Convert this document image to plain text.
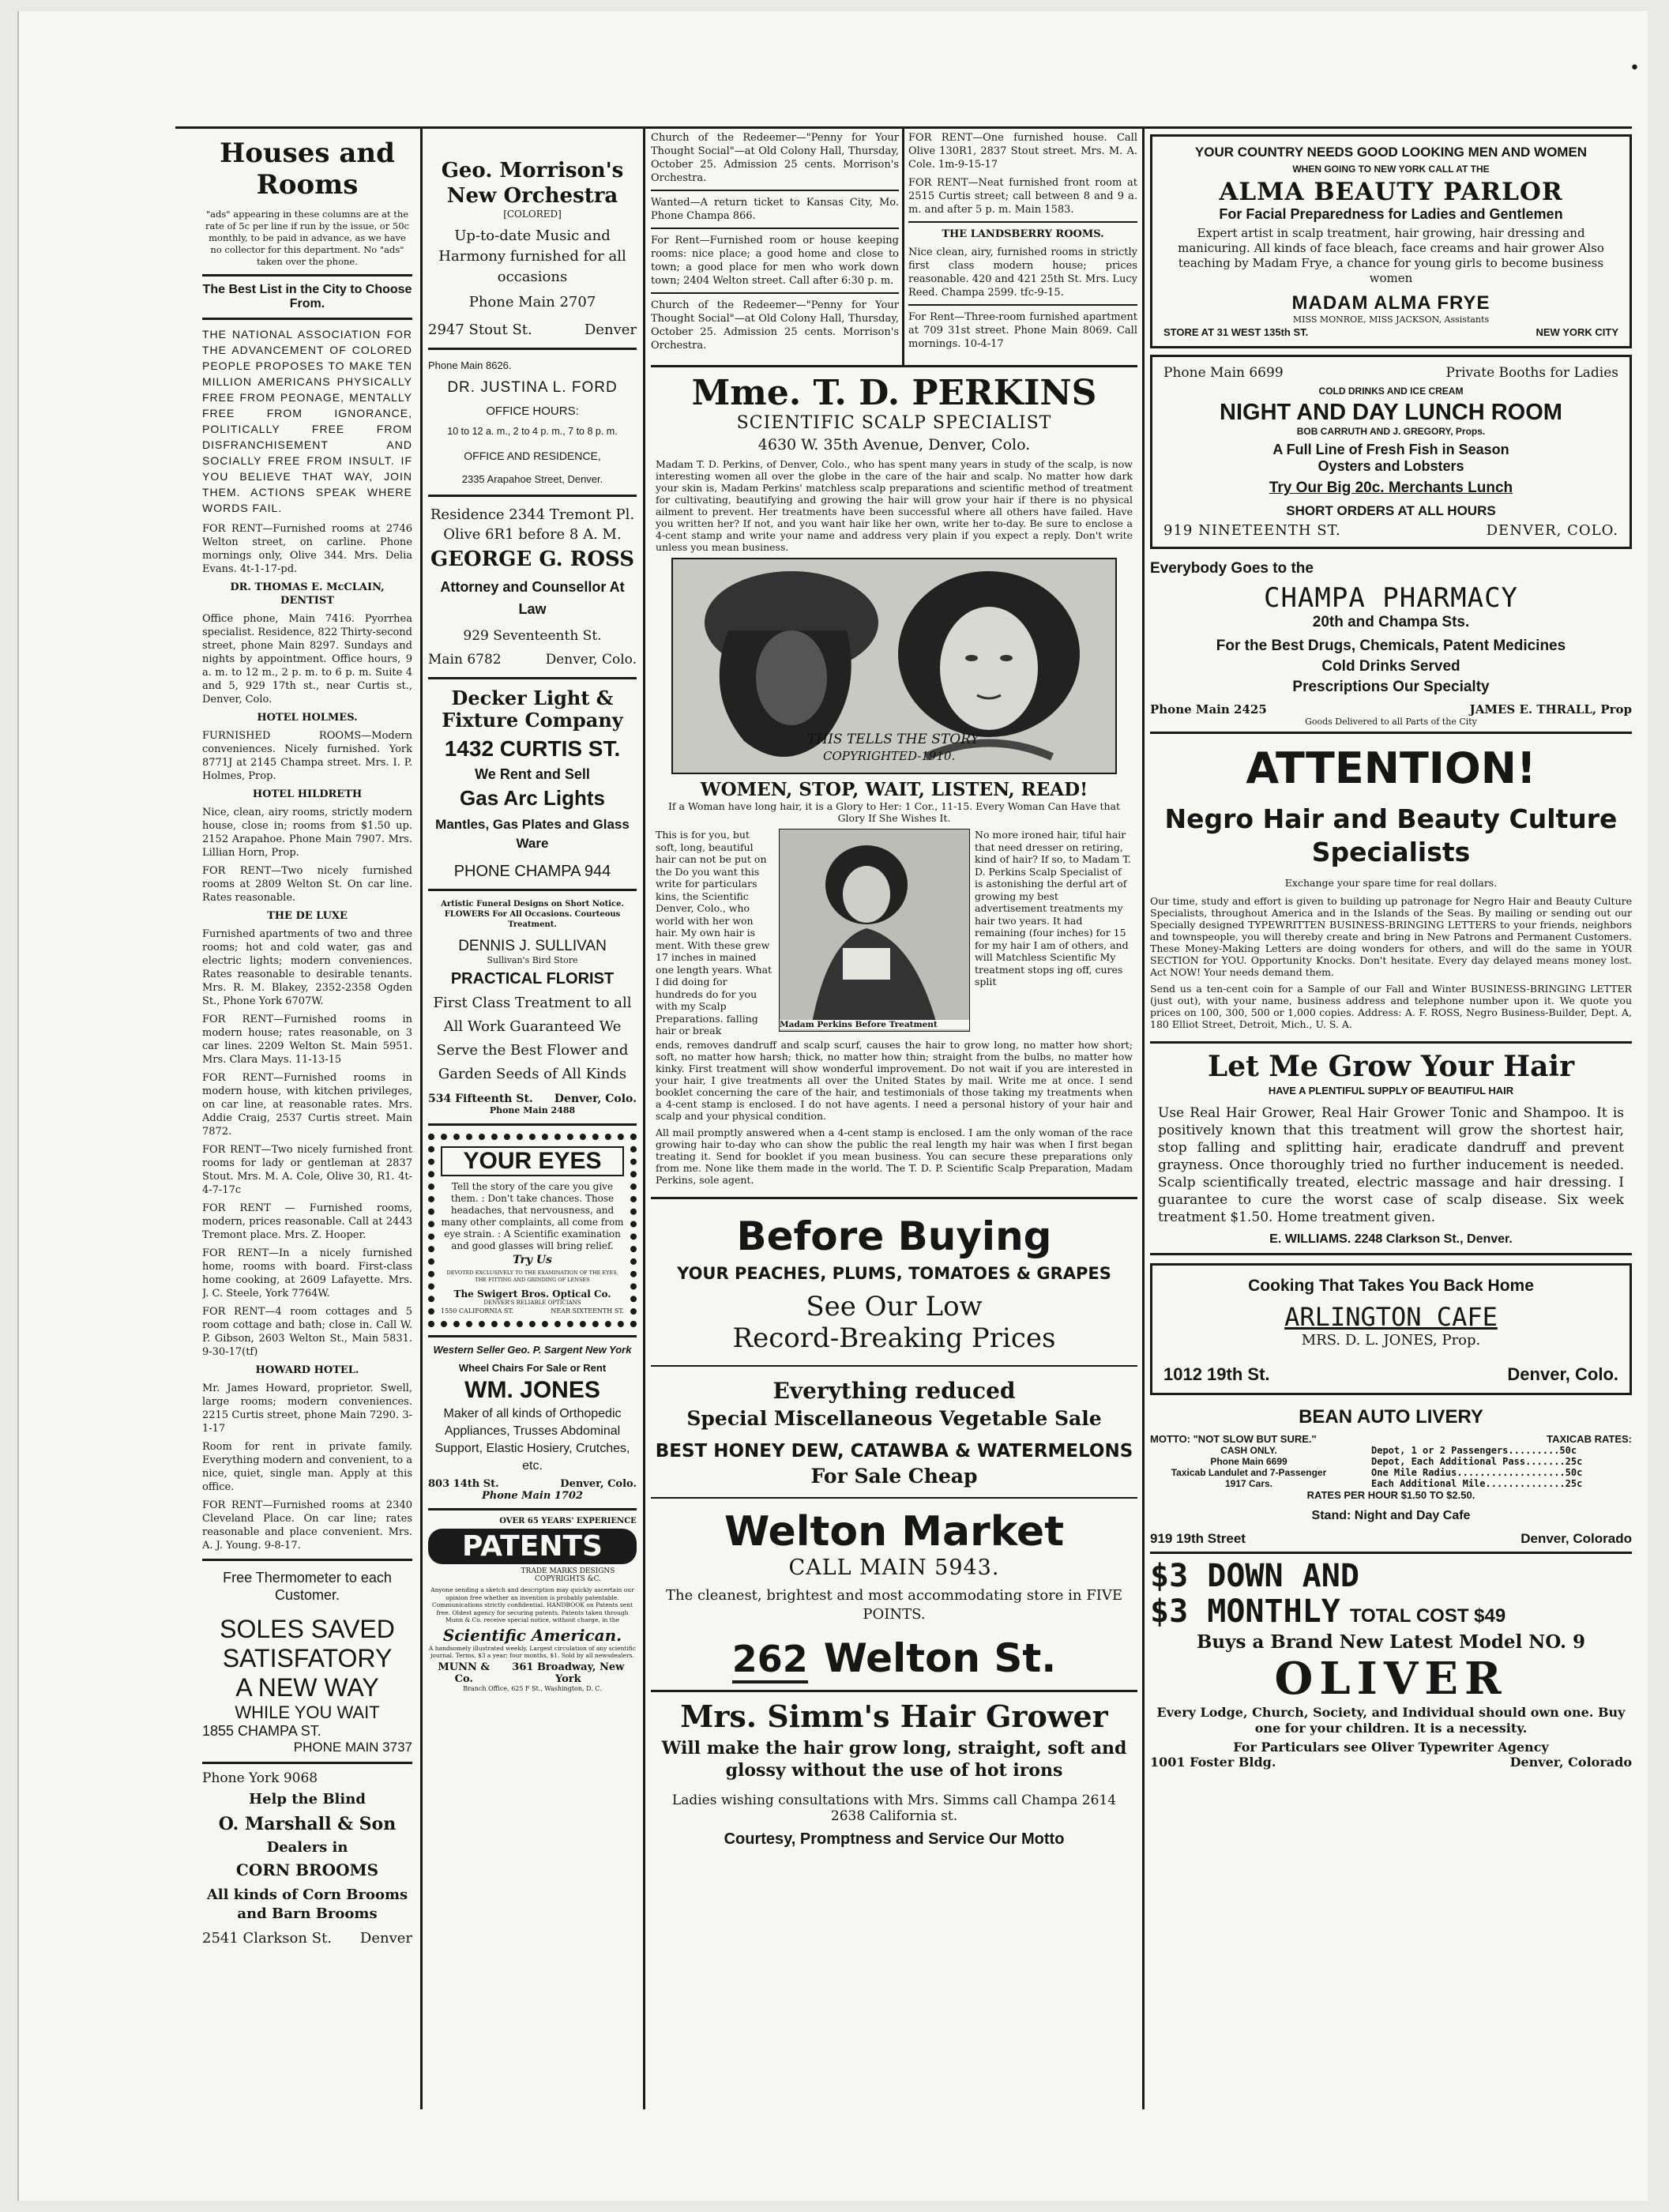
•
Houses and Rooms

"ads" appearing in these columns are at the rate of 5c per line if run by the issue, or 50c monthly, to be paid in advance, as we have no collector for this department. No "ads" taken over the phone.

The Best List in the City to Choose From.

THE NATIONAL ASSOCIATION FOR THE ADVANCEMENT OF COLORED PEOPLE PROPOSES TO MAKE TEN MILLION AMERICANS PHYSICALLY FREE FROM PEONAGE, MENTALLY FREE FROM IGNORANCE, POLITICALLY FREE FROM DISFRANCHISEMENT AND SOCIALLY FREE FROM INSULT. IF YOU BELIEVE THAT WAY, JOIN THEM. ACTIONS SPEAK WHERE WORDS FAIL.

FOR RENT—Furnished rooms at 2746 Welton street, on carline. Phone mornings only, Olive 344. Mrs. Delia Evans. 4t-1-17-pd.

DR. THOMAS E. McCLAIN, DENTIST

Office phone, Main 7416. Pyorrhea specialist. Residence, 822 Thirty-second street, phone Main 8297. Sundays and nights by appointment. Office hours, 9 a. m. to 12 m., 2 p. m. to 6 p. m. Suite 4 and 5, 929 17th st., near Curtis st., Denver, Colo.

HOTEL HOLMES.

FURNISHED ROOMS—Modern conveniences. Nicely furnished. York 8771J at 2145 Champa street. Mrs. I. P. Holmes, Prop.

HOTEL HILDRETH

Nice, clean, airy rooms, strictly modern house, close in; rooms from $1.50 up. 2152 Arapahoe. Phone Main 7907. Mrs. Lillian Horn, Prop.

FOR RENT—Two nicely furnished rooms at 2809 Welton St. On car line. Rates reasonable.

THE DE LUXE

Furnished apartments of two and three rooms; hot and cold water, gas and electric lights; modern conveniences. Rates reasonable to desirable tenants. Mrs. R. M. Blakey, 2352-2358 Ogden St., Phone York 6707W.

FOR RENT—Furnished rooms in modern house; rates reasonable, on 3 car lines. 2209 Welton St. Main 5951. Mrs. Clara Mays. 11-13-15

FOR RENT—Furnished rooms in modern house, with kitchen privileges, on car line, at reasonable rates. Mrs. Addie Craig, 2537 Curtis street. Main 7872.

FOR RENT—Two nicely furnished front rooms for lady or gentleman at 2837 Stout. Mrs. M. A. Cole, Olive 30, R1. 4t-4-7-17c

FOR RENT — Furnished rooms, modern, prices reasonable. Call at 2443 Tremont place. Mrs. Z. Hooper.

FOR RENT—In a nicely furnished home, rooms with board. First-class home cooking, at 2609 Lafayette. Mrs. J. C. Steele, York 7764W.

FOR RENT—4 room cottages and 5 room cottage and bath; close in. Call W. P. Gibson, 2603 Welton St., Main 5831. 9-30-17(tf)

HOWARD HOTEL.

Mr. James Howard, proprietor. Swell, large rooms; modern conveniences. 2215 Curtis street, phone Main 7290. 3-1-17

Room for rent in private family. Everything modern and convenient, to a nice, quiet, single man. Apply at this office.

FOR RENT—Furnished rooms at 2340 Cleveland Place. On car line; rates reasonable and place convenient. Mrs. A. J. Young. 9-8-17.

Free Thermometer to each Customer.
SOLES SAVED
SATISFATORY
A NEW WAY
WHILE YOU WAIT
1855 CHAMPA ST.
PHONE MAIN 3737
Phone York 9068
Help the Blind
O. Marshall & Son
Dealers in
CORN BROOMS
All kinds of Corn Brooms and Barn Brooms
2541 Clarkson St. Denver
Geo. Morrison's New Orchestra
[COLORED]
Up-to-date Music and Harmony furnished for all occasions
Phone Main 2707
2947 Stout St.	Denver
Phone Main 8626.
DR. JUSTINA L. FORD
OFFICE HOURS:
10 to 12 a. m., 2 to 4 p. m., 7 to 8 p. m.
OFFICE AND RESIDENCE,
2335 Arapahoe Street, Denver.
Residence 2344 Tremont Pl.
Olive 6R1 before 8 A. M.
GEORGE G. ROSS
Attorney and Counsellor At Law
929 Seventeenth St.
Main 6782	Denver, Colo.
Decker Light & Fixture Company
1432 CURTIS ST.
We Rent and Sell
Gas Arc Lights
Mantles, Gas Plates and Glass Ware
PHONE CHAMPA 944
Artistic Funeral Designs on Short Notice. FLOWERS For All Occasions. Courteous Treatment.
DENNIS J. SULLIVAN
Sullivan's Bird Store
PRACTICAL FLORIST
First Class Treatment to all All Work Guaranteed We Serve the Best Flower and Garden Seeds of All Kinds
534 Fifteenth St. Denver, Colo.
Phone Main 2488
YOUR EYES
Tell the story of the care you give them. : Don't take chances. Those headaches, that nervousness, and many other complaints, all come from eye strain. : A Scientific examination and good glasses will bring relief.
Try Us
DEVOTED EXCLUSIVELY TO THE EXAMINATION OF THE EYES, THE FITTING AND GRINDING OF LENSES
The Swigert Bros. Optical Co.
DENVER'S RELIABLE OPTICIANS
1550 CALIFORNIA ST.	NEAR SIXTEENTH ST.
Western Seller Geo. P. Sargent New York
Wheel Chairs For Sale or Rent
WM. JONES
Maker of all kinds of Orthopedic Appliances, Trusses Abdominal Support, Elastic Hosiery, Crutches, etc.
803 14th St.	Denver, Colo.
Phone Main 1702
OVER 65 YEARS' EXPERIENCE
PATENTS
TRADE MARKS DESIGNS COPYRIGHTS &C.
Anyone sending a sketch and description may quickly ascertain our opinion free whether an invention is probably patentable. Communications strictly confidential. HANDBOOK on Patents sent free. Oldest agency for securing patents. Patents taken through Munn & Co. receive special notice, without charge, in the
Scientific American.
A handsomely illustrated weekly. Largest circulation of any scientific journal. Terms, $3 a year; four months, $1. Sold by all newsdealers.
MUNN & Co.
361 Broadway, New York
Branch Office, 625 F St., Washington, D. C.

Church of the Redeemer—"Penny for Your Thought Social"—at Old Colony Hall, Thursday, October 25. Admission 25 cents. Morrison's Orchestra.

Wanted—A return ticket to Kansas City, Mo. Phone Champa 866.

For Rent—Furnished room or house keeping rooms: nice place; a good home and close to town; a good place for men who work down town; 2404 Welton street. Call after 6:30 p. m.

Church of the Redeemer—"Penny for Your Thought Social"—at Old Colony Hall, Thursday, October 25. Admission 25 cents. Morrison's Orchestra.

FOR RENT—One furnished house. Call Olive 130R1, 2837 Stout street. Mrs. M. A. Cole. 1m-9-15-17

FOR RENT—Neat furnished front room at 2515 Curtis street; call between 8 and 9 a. m. and after 5 p. m. Main 1583.

THE LANDSBERRY ROOMS.

Nice clean, airy, furnished rooms in strictly first class modern house; prices reasonable. 420 and 421 25th St. Mrs. Lucy Reed. Champa 2599. tfc-9-15.

For Rent—Three-room furnished apartment at 709 31st street. Phone Main 8069. Call mornings. 10-4-17

Mme. T. D. PERKINS
SCIENTIFIC SCALP SPECIALIST
4630 W. 35th Avenue, Denver, Colo.

Madam T. D. Perkins, of Denver, Colo., who has spent many years in study of the scalp, is now interesting women all over the globe in the care of the hair and scalp. No matter how dark your skin is, Madam Perkins' matchless scalp preparations and scientific method of treatment for cultivating, beautifying and growing the hair will grow your hair if there is no physical ailment to prevent. Her treatments have been successful where all others have failed. Have you written her? If not, and you want hair like her own, write her to-day. Be sure to enclose a 4-cent stamp and write your name and address very plain if you expect a reply. Don't write unless you mean business.

THIS TELLS THE STORY
COPYRIGHTED-1910.
WOMEN, STOP, WAIT, LISTEN, READ!
If a Woman have long hair, it is a Glory to Her: 1 Cor., 11-15. Every Woman Can Have that Glory If She Wishes It.
This is for you, but soft, long, beautiful hair can not be put on the Do you want this write for particulars kins, the Scientific Denver, Colo., who world with her won hair. My own hair is ment. With these grew 17 inches in mained one length years. What I did doing for hundreds do for you with my Scalp Preparations. falling hair or break	Madam Perkins Before Treatment
No more ironed hair, tiful hair that need dresser on retiring, kind of hair? If so, to Madam T. D. Perkins Scalp Specialist of is astonishing the derful art of growing my best advertisement treatments my hair two years. It had remaining (four inches) for 15 for my hair I am of others, and will Matchless Scientific My treatment stops ing off, cures split

ends, removes dandruff and scalp scurf, causes the hair to grow long, no matter how short; soft, no matter how harsh; thick, no matter how thin; straight from the bulbs, no matter how kinky. First treatment will show wonderful improvement. Do not wait if you are interested in your hair, I give treatments all over the United States by mail. Write me at once. I send booklet concerning the care of the hair, and testimonials of those taking my treatments when a 4-cent stamp is enclosed. I do not have agents. I need a personal history of your hair and scalp and your physical condition.

All mail promptly answered when a 4-cent stamp is enclosed. I am the only woman of the race growing hair to-day who can show the public the real length my hair was when I first began treating it. Send for booklet if you mean business. You can secure these preparations only from me. None like them made in the world. The T. D. P. Scientific Scalp Preparation, Madam Perkins, sole agent.

Before Buying
YOUR PEACHES, PLUMS, TOMATOES & GRAPES
See Our Low
Record-Breaking Prices
Everything reduced
Special Miscellaneous Vegetable Sale
BEST HONEY DEW, CATAWBA & WATERMELONS
For Sale Cheap
Welton Market
CALL MAIN 5943.
The cleanest, brightest and most accommodating store in FIVE POINTS.
262 Welton St.
Mrs. Simm's Hair Grower
Will make the hair grow long, straight, soft and glossy without the use of hot irons
Ladies wishing consultations with Mrs. Simms call Champa 2614
2638 California st.
Courtesy, Promptness and Service Our Motto
YOUR COUNTRY NEEDS GOOD LOOKING MEN AND WOMEN
WHEN GOING TO NEW YORK CALL AT THE
ALMA BEAUTY PARLOR
For Facial Preparedness for Ladies and Gentlemen
Expert artist in scalp treatment, hair growing, hair dressing and manicuring. All kinds of face bleach, face creams and hair grower Also teaching by Madam Frye, a chance for young girls to become business women
MADAM ALMA FRYE
MISS MONROE, MISS JACKSON, Assistants
STORE AT 31 WEST 135th ST.	NEW YORK CITY
Phone Main 6699	Private Booths for Ladies
COLD DRINKS AND ICE CREAM
NIGHT AND DAY LUNCH ROOM
BOB CARRUTH AND J. GREGORY, Props.
A Full Line of Fresh Fish in Season
Oysters and Lobsters
Try Our Big 20c. Merchants Lunch
SHORT ORDERS AT ALL HOURS
919 NINETEENTH ST.	DENVER, COLO.
Everybody Goes to the
CHAMPA PHARMACY
20th and Champa Sts.
For the Best Drugs, Chemicals, Patent Medicines
Cold Drinks Served
Prescriptions Our Specialty
Phone Main 2425	JAMES E. THRALL, Prop
Goods Delivered to all Parts of the City
ATTENTION!
Negro Hair and Beauty Culture Specialists
Exchange your spare time for real dollars.

Our time, study and effort is given to building up patronage for Negro Hair and Beauty Culture Specialists, throughout America and in the Islands of the Seas. By mailing or sending out our Specially designed TYPEWRITTEN BUSINESS-BRINGING LETTERS to your friends, neighbors and townspeople, you will thereby create and bring in New Patrons and Permanent Customers. These Money-Making Letters are doing wonders for others, and will do the same in YOUR SECTION for YOU. Opportunity Knocks. Don't hesitate. Every day delayed means money lost. Act NOW! Your needs demand them.

Send us a ten-cent coin for a Sample of our Fall and Winter BUSINESS-BRINGING LETTER (just out), with your name, business address and telephone number upon it. We quote you prices on 100, 300, 500 or 1,000 copies. Address: A. F. ROSS, Negro Business-Builder, Dept. A, 180 Elliot Street, Detroit, Mich., U. S. A.

Let Me Grow Your Hair
HAVE A PLENTIFUL SUPPLY OF BEAUTIFUL HAIR

Use Real Hair Grower, Real Hair Grower Tonic and Shampoo. It is positively known that this treatment will grow the shortest hair, stop falling and splitting hair, eradicate dandruff and prevent grayness. Once thoroughly tried no further inducement is needed. Scalp scientifically treated, electric massage and hair dressing. I guarantee to cure the worst case of scalp disease. Six week treatment $1.50. Home treatment given.

E. WILLIAMS. 2248 Clarkson St., Denver.
Cooking That Takes You Back Home
ARLINGTON CAFE
MRS. D. L. JONES, Prop.
1012 19th St.	Denver, Colo.
BEAN AUTO LIVERY
MOTTO: "NOT SLOW BUT SURE."	TAXICAB RATES:
CASH ONLY.
Phone Main 6699
Taxicab Landulet and 7-Passenger
1917 Cars.
Depot, 1 or 2 Passengers.........50c
Depot, Each Additional Pass.......25c
One Mile Radius...................50c
Each Additional Mile..............25c
RATES PER HOUR $1.50 TO $2.50.
Stand: Night and Day Cafe
919 19th Street	Denver, Colorado
$3 DOWN AND
$3 MONTHLY TOTAL COST $49
Buys a Brand New Latest Model NO. 9
OLIVER
Every Lodge, Church, Society, and Individual should own one. Buy one for your children. It is a necessity.
For Particulars see Oliver Typewriter Agency
1001 Foster Bldg.	Denver, Colorado
